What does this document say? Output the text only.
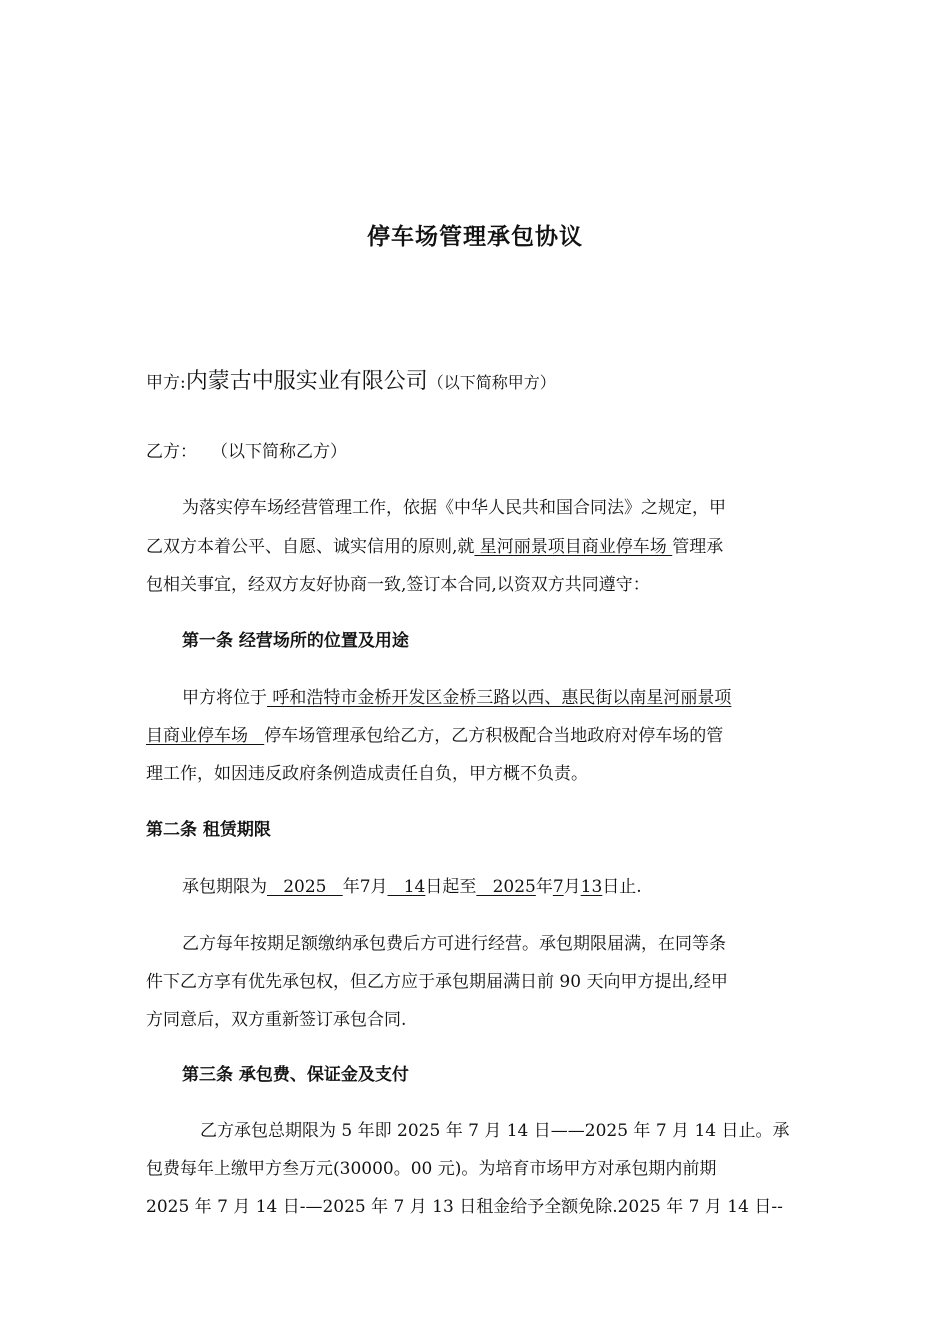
停车场管理承包协议
甲方:内蒙古中服实业有限公司（以下简称甲方）
乙方： （以下简称乙方）
为落实停车场经营管理工作，依据《中华人民共和国合同法》之规定，甲
乙双方本着公平、自愿、诚实信用的原则,就 星河丽景项目商业停车场 管理承
包相关事宜，经双方友好协商一致,签订本合同,以资双方共同遵守：
第一条 经营场所的位置及用途
甲方将位于 呼和浩特市金桥开发区金桥三路以西、惠民街以南星河丽景项
目商业停车场   停车场管理承包给乙方，乙方积极配合当地政府对停车场的管
理工作，如因违反政府条例造成责任自负，甲方概不负责。
第二条 租赁期限
承包期限为   2025   年7月   14日起至   2025年7月13日止.
乙方每年按期足额缴纳承包费后方可进行经营。承包期限届满，在同等条
件下乙方享有优先承包权，但乙方应于承包期届满日前 90 天向甲方提出,经甲
方同意后，双方重新签订承包合同.
第三条 承包费、保证金及支付
乙方承包总期限为 5 年即 2025 年 7 月 14 日——2025 年 7 月 14 日止。承
包费每年上缴甲方叁万元(30000。00 元)。为培育市场甲方对承包期内前期
2025 年 7 月 14 日-—2025 年 7 月 13 日租金给予全额免除.2025 年 7 月 14 日--
